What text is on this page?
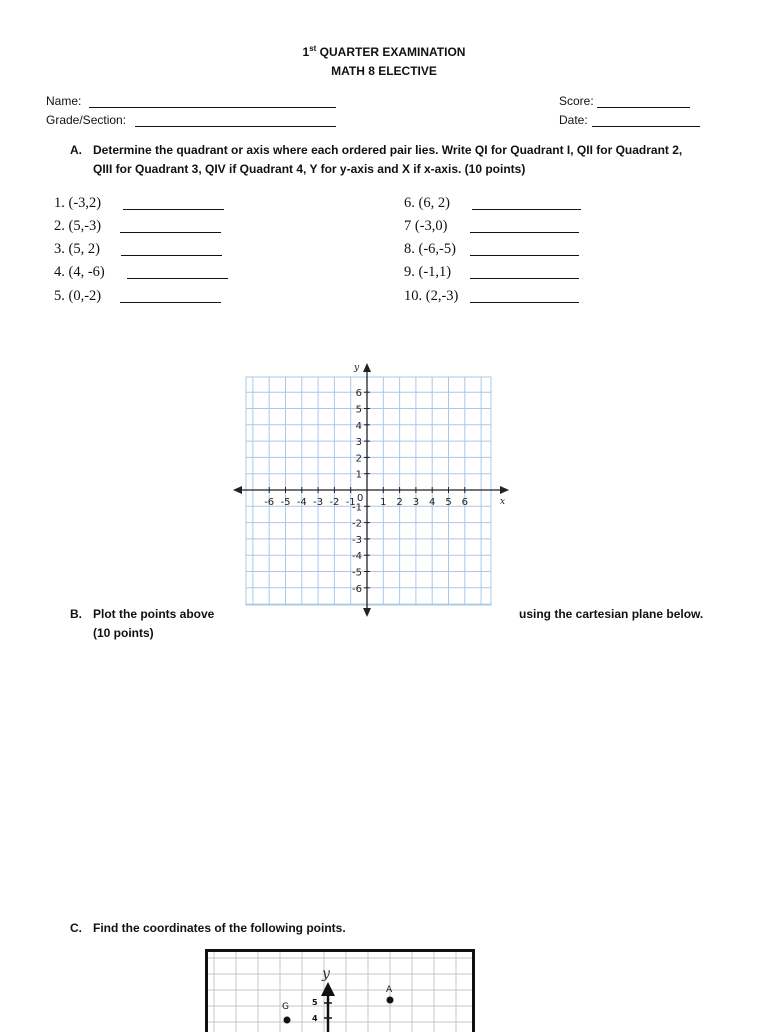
1st QUARTER EXAMINATION
MATH 8 ELECTIVE
Name:	Score:
Grade/Section:	Date:
A. Determine the quadrant or axis where each ordered pair lies. Write QI for Quadrant I, QII for Quadrant 2,
QIII for Quadrant 3, QIV if Quadrant 4, Y for y-axis and X if x-axis. (10 points)
1. (-3,2)
2. (5,-3)
3. (5, 2)
4. (4, -6)
5. (0,-2)
6. (6, 2)
7 (-3,0)
8. (-6,-5)
9. (-1,1)
10. (2,-3)
-6 -5 -4 -3 -2 -1 1 2 3 4 5 6
6
5
4
3
2
1
-1
-2
-3
-4
-5
-6
x
y
0
B. Plot the points above	using the cartesian plane below.
(10 points)
C. Find the coordinates of the following points.
y
5
4
A
G
